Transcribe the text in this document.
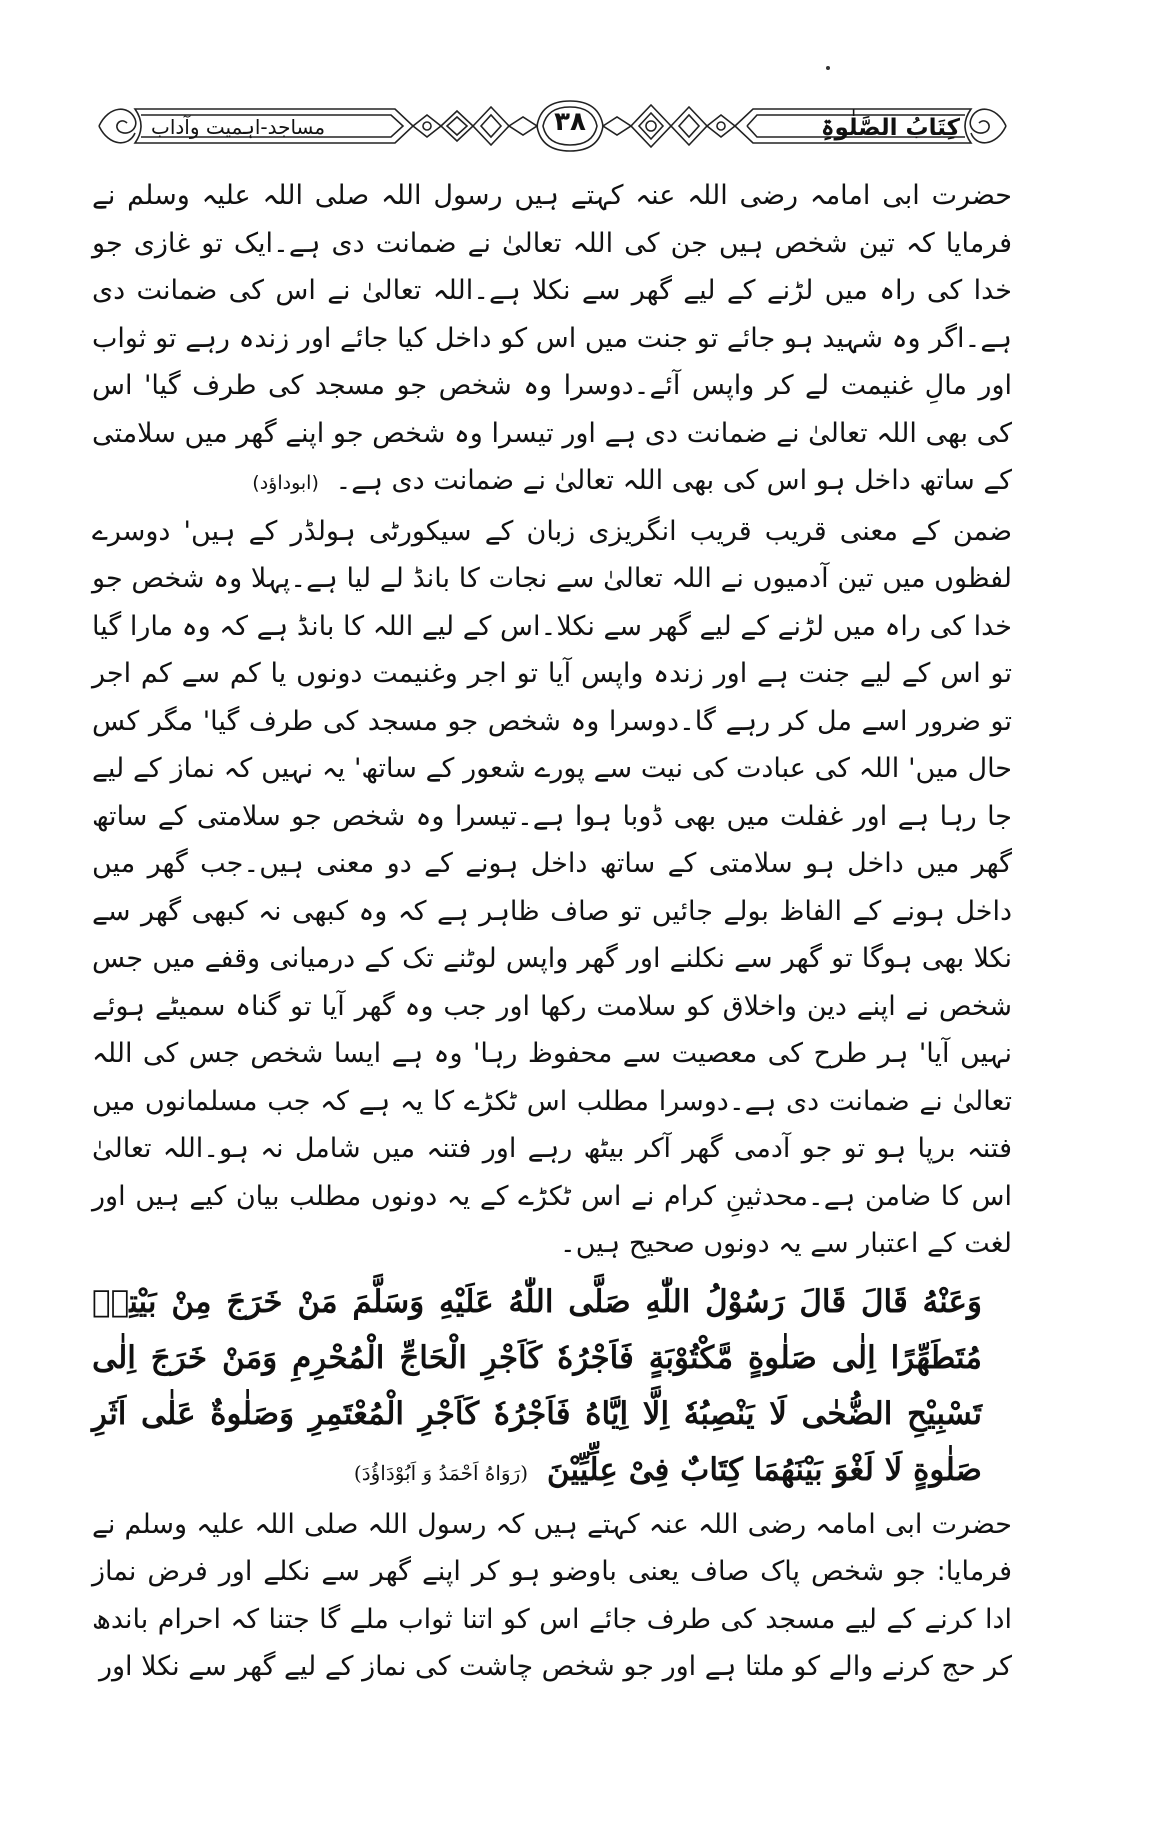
مساجد-اہمیت وآداب	۳۸	کِتَابُ الصَّلٰوۃِ

حضرت ابی امامہ رضی اللہ عنہ کہتے ہیں رسول اللہ صلی اللہ علیہ وسلم نے فرمایا کہ تین شخص ہیں جن کی اللہ تعالیٰ نے ضمانت دی ہے۔ایک تو غازی جو خدا کی راہ میں لڑنے کے لیے گھر سے نکلا ہے۔اللہ تعالیٰ نے اس کی ضمانت دی ہے۔اگر وہ شہید ہو جائے تو جنت میں اس کو داخل کیا جائے اور زندہ رہے تو ثواب اور مالِ غنیمت لے کر واپس آئے۔دوسرا وہ شخص جو مسجد کی طرف گیا' اس کی بھی اللہ تعالیٰ نے ضمانت دی ہے اور تیسرا وہ شخص جو اپنے گھر میں سلامتی کے ساتھ داخل ہو اس کی بھی اللہ تعالیٰ نے ضمانت دی ہے۔ (ابوداؤد)

ضمن کے معنی قریب قریب انگریزی زبان کے سیکورٹی ہولڈر کے ہیں' دوسرے لفظوں میں تین آدمیوں نے اللہ تعالیٰ سے نجات کا بانڈ لے لیا ہے۔پہلا وہ شخص جو خدا کی راہ میں لڑنے کے لیے گھر سے نکلا۔اس کے لیے اللہ کا بانڈ ہے کہ وہ مارا گیا تو اس کے لیے جنت ہے اور زندہ واپس آیا تو اجر وغنیمت دونوں یا کم سے کم اجر تو ضرور اسے مل کر رہے گا۔دوسرا وہ شخص جو مسجد کی طرف گیا' مگر کس حال میں' اللہ کی عبادت کی نیت سے پورے شعور کے ساتھ' یہ نہیں کہ نماز کے لیے جا رہا ہے اور غفلت میں بھی ڈوبا ہوا ہے۔تیسرا وہ شخص جو سلامتی کے ساتھ گھر میں داخل ہو سلامتی کے ساتھ داخل ہونے کے دو معنی ہیں۔جب گھر میں داخل ہونے کے الفاظ بولے جائیں تو صاف ظاہر ہے کہ وہ کبھی نہ کبھی گھر سے نکلا بھی ہوگا تو گھر سے نکلنے اور گھر واپس لوٹنے تک کے درمیانی وقفے میں جس شخص نے اپنے دین واخلاق کو سلامت رکھا اور جب وہ گھر آیا تو گناہ سمیٹے ہوئے نہیں آیا' ہر طرح کی معصیت سے محفوظ رہا' وہ ہے ایسا شخص جس کی اللہ تعالیٰ نے ضمانت دی ہے۔دوسرا مطلب اس ٹکڑے کا یہ ہے کہ جب مسلمانوں میں فتنہ برپا ہو تو جو آدمی گھر آکر بیٹھ رہے اور فتنہ میں شامل نہ ہو۔اللہ تعالیٰ اس کا ضامن ہے۔محدثینِ کرام نے اس ٹکڑے کے یہ دونوں مطلب بیان کیے ہیں اور لغت کے اعتبار سے یہ دونوں صحیح ہیں۔

وَعَنْهُ قَالَ قَالَ رَسُوْلُ اللّٰهِ صَلَّى اللّٰهُ عَلَيْهِ وَسَلَّمَ مَنْ خَرَجَ مِنْ بَيْتِهٖ مُتَطَهِّرًا اِلٰى صَلٰوةٍ مَّكْتُوْبَةٍ فَاَجْرُهٗ كَاَجْرِ الْحَاجِّ الْمُحْرِمِ وَمَنْ خَرَجَ اِلٰى تَسْبِيْحِ الضُّحٰى لَا يَنْصِبُهٗ اِلَّا اِيَّاهُ فَاَجْرُهٗ كَاَجْرِ الْمُعْتَمِرِ وَصَلٰوةٌ عَلٰى اَثَرِ صَلٰوةٍ لَا لَغْوَ بَيْنَهُمَا كِتَابٌ فِىْ عِلِّيِّيْنَ (رَوَاهُ اَحْمَدُ وَ اَبُوْدَاؤُدَ)

حضرت ابی امامہ رضی اللہ عنہ کہتے ہیں کہ رسول اللہ صلی اللہ علیہ وسلم نے فرمایا: جو شخص پاک صاف یعنی باوضو ہو کر اپنے گھر سے نکلے اور فرض نماز ادا کرنے کے لیے مسجد کی طرف جائے اس کو اتنا ثواب ملے گا جتنا کہ احرام باندھ کر حج کرنے والے کو ملتا ہے اور جو شخص چاشت کی نماز کے لیے گھر سے نکلا اور
